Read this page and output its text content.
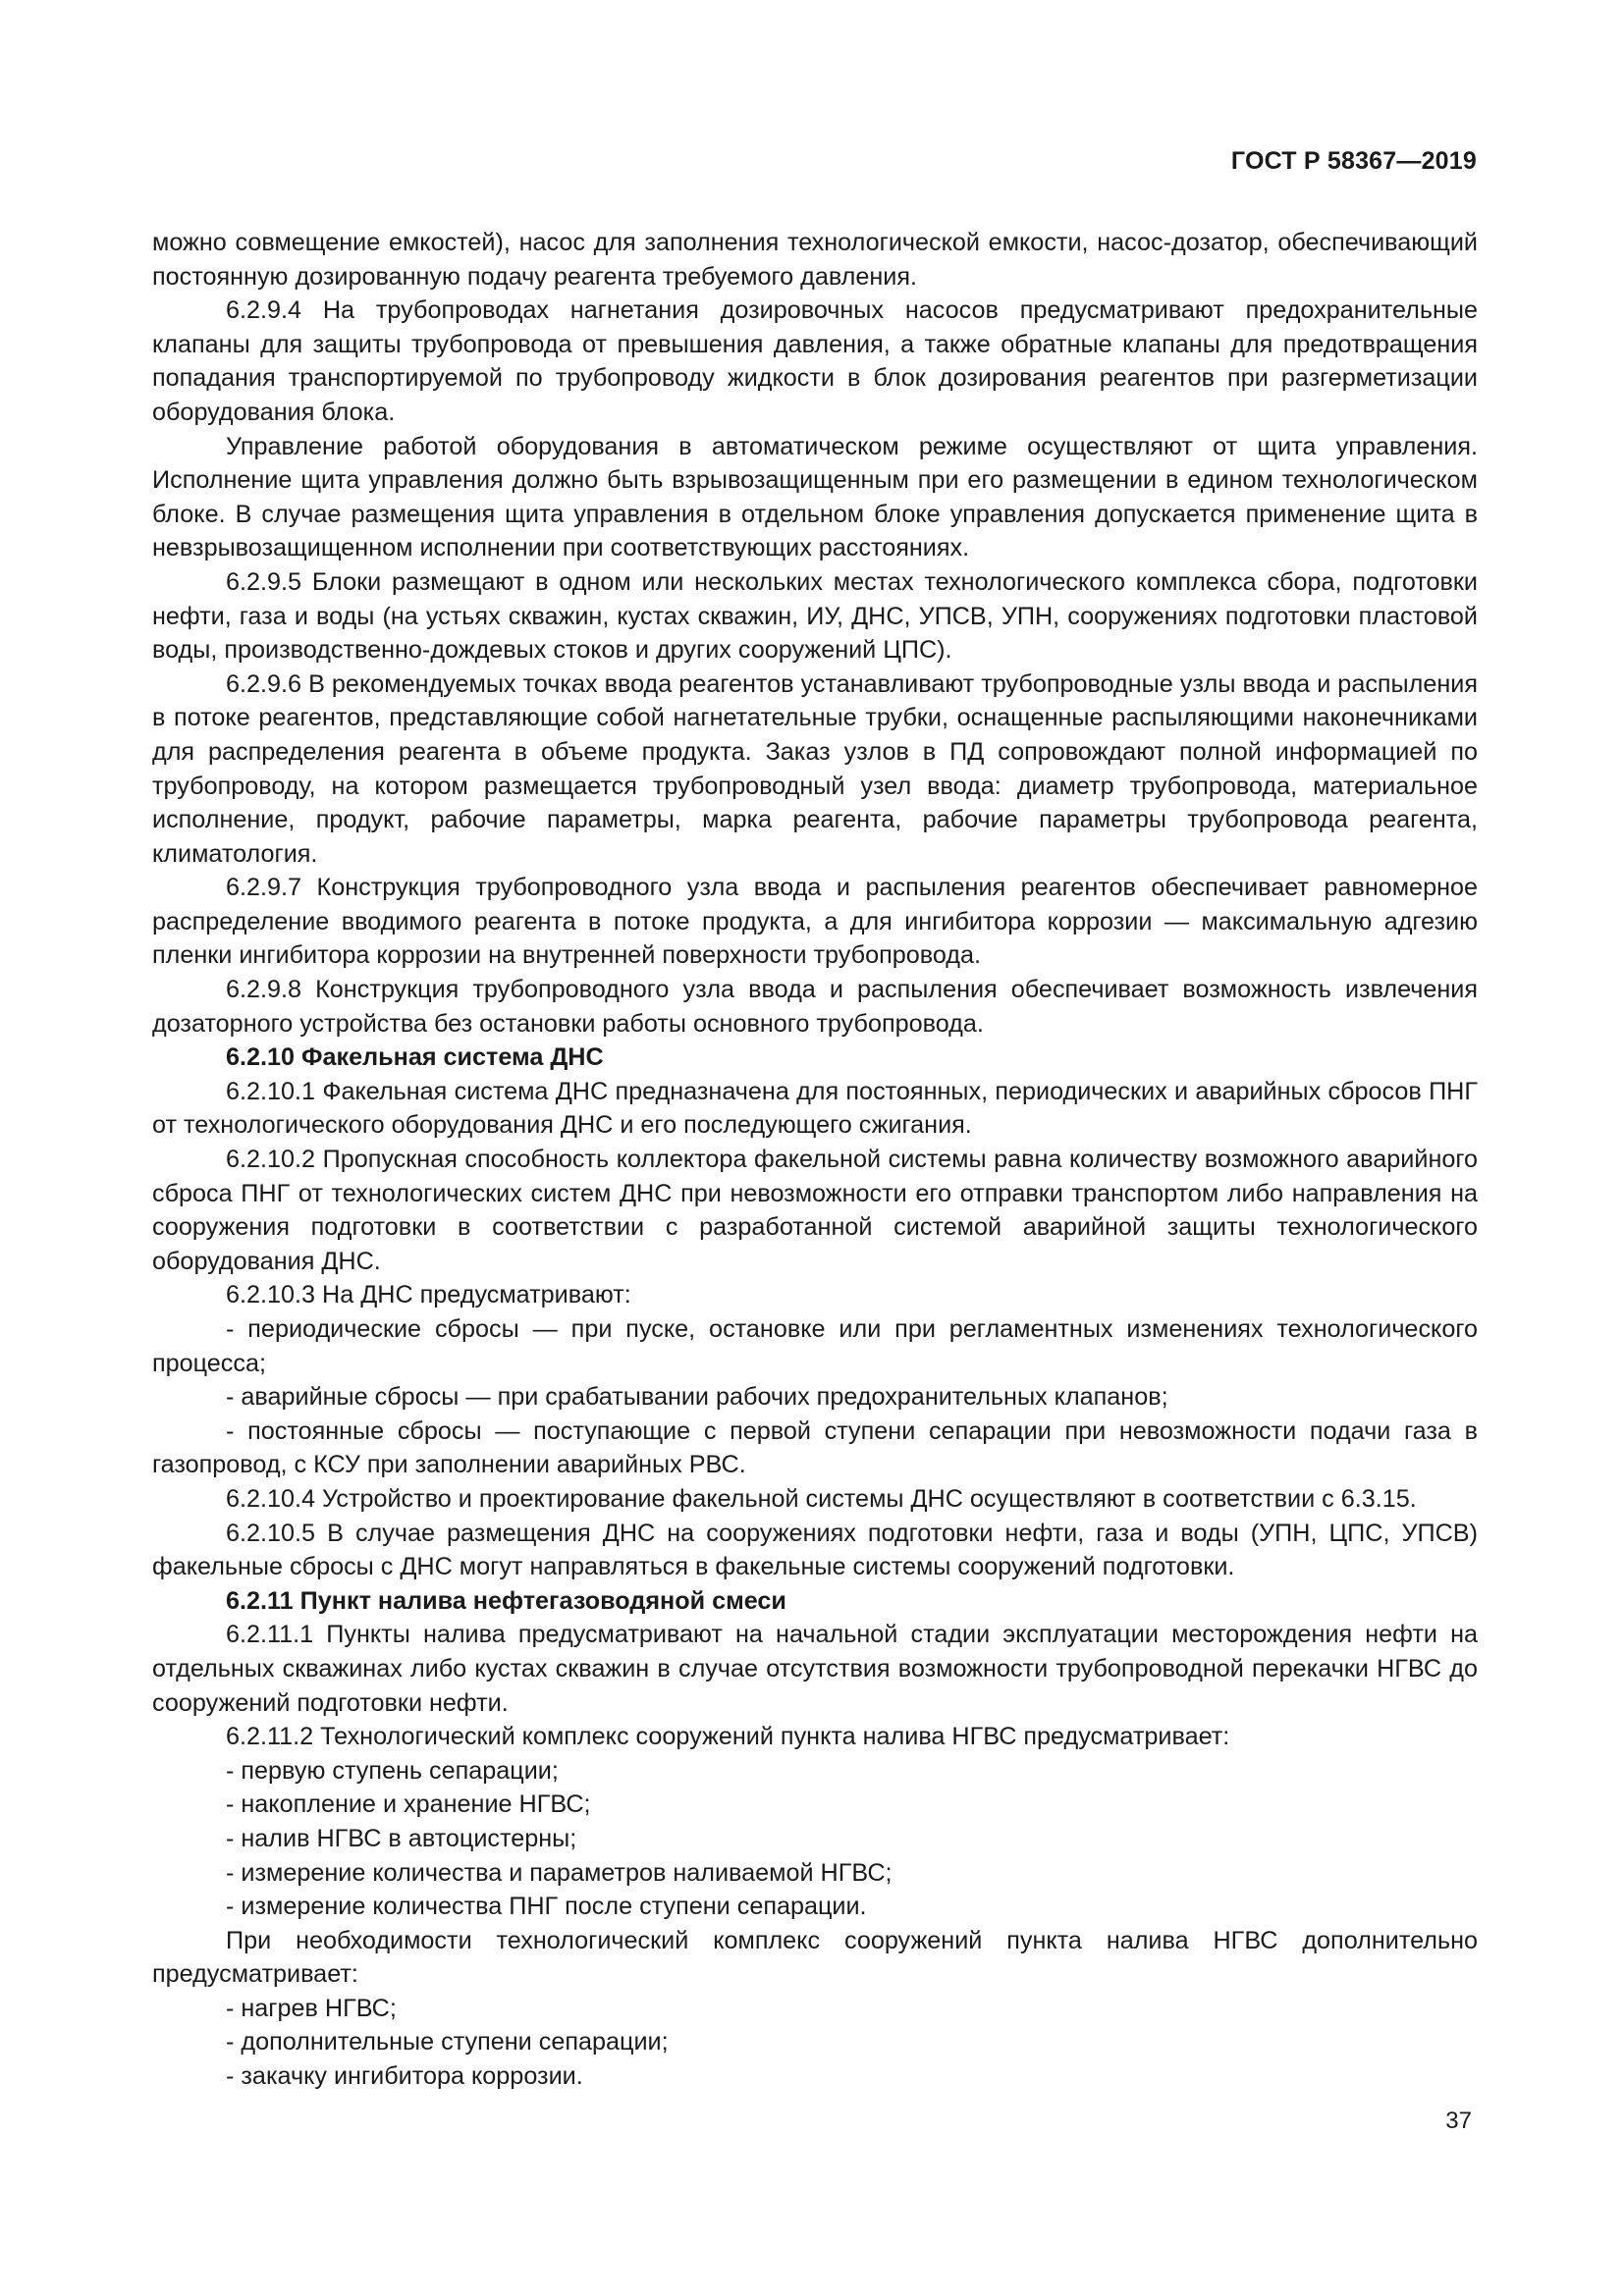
ГОСТ Р 58367—2019

можно совмещение емкостей), насос для заполнения технологической емкости, насос-дозатор, обеспечивающий постоянную дозированную подачу реагента требуемого давления.

6.2.9.4 На трубопроводах нагнетания дозировочных насосов предусматривают предохранительные клапаны для защиты трубопровода от превышения давления, а также обратные клапаны для предотвращения попадания транспортируемой по трубопроводу жидкости в блок дозирования реагентов при разгерметизации оборудования блока.

Управление работой оборудования в автоматическом режиме осуществляют от щита управления. Исполнение щита управления должно быть взрывозащищенным при его размещении в едином технологическом блоке. В случае размещения щита управления в отдельном блоке управления допускается применение щита в невзрывозащищенном исполнении при соответствующих расстояниях.

6.2.9.5 Блоки размещают в одном или нескольких местах технологического комплекса сбора, подготовки нефти, газа и воды (на устьях скважин, кустах скважин, ИУ, ДНС, УПСВ, УПН, сооружениях подготовки пластовой воды, производственно-дождевых стоков и других сооружений ЦПС).

6.2.9.6 В рекомендуемых точках ввода реагентов устанавливают трубопроводные узлы ввода и распыления в потоке реагентов, представляющие собой нагнетательные трубки, оснащенные распыляющими наконечниками для распределения реагента в объеме продукта. Заказ узлов в ПД сопровождают полной информацией по трубопроводу, на котором размещается трубопроводный узел ввода: диаметр трубопровода, материальное исполнение, продукт, рабочие параметры, марка реагента, рабочие параметры трубопровода реагента, климатология.

6.2.9.7 Конструкция трубопроводного узла ввода и распыления реагентов обеспечивает равномерное распределение вводимого реагента в потоке продукта, а для ингибитора коррозии — максимальную адгезию пленки ингибитора коррозии на внутренней поверхности трубопровода.

6.2.9.8 Конструкция трубопроводного узла ввода и распыления обеспечивает возможность извлечения дозаторного устройства без остановки работы основного трубопровода.

6.2.10 Факельная система ДНС

6.2.10.1 Факельная система ДНС предназначена для постоянных, периодических и аварийных сбросов ПНГ от технологического оборудования ДНС и его последующего сжигания.

6.2.10.2 Пропускная способность коллектора факельной системы равна количеству возможного аварийного сброса ПНГ от технологических систем ДНС при невозможности его отправки транспортом либо направления на сооружения подготовки в соответствии с разработанной системой аварийной защиты технологического оборудования ДНС.

6.2.10.3 На ДНС предусматривают:

- периодические сбросы — при пуске, остановке или при регламентных изменениях технологического процесса;

- аварийные сбросы — при срабатывании рабочих предохранительных клапанов;

- постоянные сбросы — поступающие с первой ступени сепарации при невозможности подачи газа в газопровод, с КСУ при заполнении аварийных РВС.

6.2.10.4 Устройство и проектирование факельной системы ДНС осуществляют в соответствии с 6.3.15.

6.2.10.5 В случае размещения ДНС на сооружениях подготовки нефти, газа и воды (УПН, ЦПС, УПСВ) факельные сбросы с ДНС могут направляться в факельные системы сооружений подготовки.

6.2.11 Пункт налива нефтегазоводяной смеси

6.2.11.1 Пункты налива предусматривают на начальной стадии эксплуатации месторождения нефти на отдельных скважинах либо кустах скважин в случае отсутствия возможности трубопроводной перекачки НГВС до сооружений подготовки нефти.

6.2.11.2 Технологический комплекс сооружений пункта налива НГВС предусматривает:

- первую ступень сепарации;

- накопление и хранение НГВС;

- налив НГВС в автоцистерны;

- измерение количества и параметров наливаемой НГВС;

- измерение количества ПНГ после ступени сепарации.

При необходимости технологический комплекс сооружений пункта налива НГВС дополнительно предусматривает:

- нагрев НГВС;

- дополнительные ступени сепарации;

- закачку ингибитора коррозии.

37
